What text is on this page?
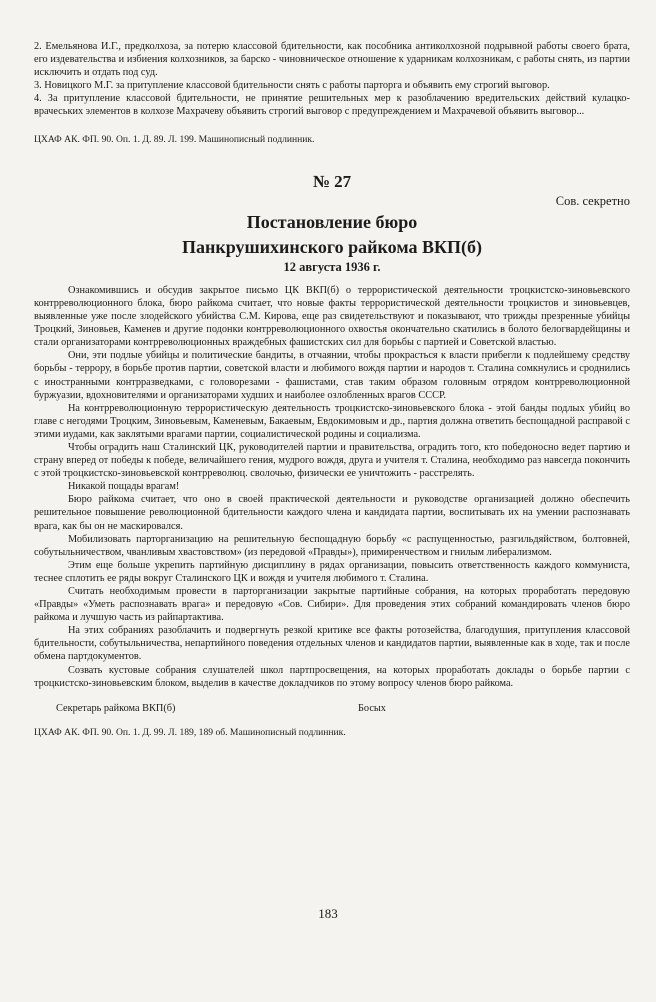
2. Емельянова И.Г., предколхоза, за потерю классовой бдительности, как пособника антиколхозной подрывной работы своего брата, его издевательства и избиения колхозников, за барско - чиновническое отношение к ударникам колхозникам, с работы снять, из партии исключить и отдать под суд.

3. Новицкого М.Г. за притупление классовой бдительности снять с работы парторга и объявить ему строгий выговор.

4. За притупление классовой бдительности, не принятие решительных мер к разоблачению вредительских действий кулацко-врачеських элементов в колхозе Махрачеву объявить строгий выговор с предупреждением и Махрачевой объявить выговор...

ЦХАФ АК. ФП. 90. Оп. 1. Д. 89. Л. 199. Машинописный подлинник.

№ 27

Сов. секретно

Постановление бюро

Панкрушихинского райкома ВКП(б)

12 августа 1936 г.

Ознакомившись и обсудив закрытое письмо ЦК ВКП(б) о террористической деятельности троцкистско-зиновьевского контрреволюционного блока, бюро райкома считает, что новые факты террористической деятельности троцкистов и зиновьевцев, выявленные уже после злодейского убийства С.М. Кирова, еще раз свидетельствуют и показывают, что трижды презренные убийцы Троцкий, Зиновьев, Каменев и другие подонки контрреволюционного охвостья окончательно скатились в болото белогвардейщины и стали организаторами контрреволюционных враждебных фашистских сил для борьбы с партией и Советской властью.

Они, эти подлые убийцы и политические бандиты, в отчаянии, чтобы прокрасться к власти прибегли к подлейшему средству борьбы - террору, в борьбе против партии, советской власти и любимого вождя партии и народов т. Сталина сомкнулись и сроднились с иностранными контрразведками, с головорезами - фашистами, став таким образом головным отрядом контрреволюционной буржуазии, вдохновителями и организаторами худших и наиболее озлобленных врагов СССР.

На контрреволюционную террористическую деятельность троцкистско-зиновьевского блока - этой банды подлых убийц во главе с негодями Троцким, Зиновьевым, Каменевым, Бакаевым, Евдокимовым и др., партия должна ответить беспощадной расправой с этими иудами, как заклятыми врагами партии, социалистической родины и социализма.

Чтобы оградить наш Сталинский ЦК, руководителей партии и правительства, оградить того, кто победоносно ведет партию и страну вперед от победы к победе, величайшего гения, мудрого вождя, друга и учителя т. Сталина, необходимо раз навсегда покончить с этой троцкистско-зиновьевской контрреволюц. сволочью, физически ее уничтожить - расстрелять.

Никакой пощады врагам!

Бюро райкома считает, что оно в своей практической деятельности и руководстве организацией должно обеспечить решительное повышение революционной бдительности каждого члена и кандидата партии, воспитывать их на умении распознавать врага, как бы он не маскировался.

Мобилизовать парторганизацию на решительную беспощадную борьбу «с распущенностью, разгильдяйством, болтовней, собутыльничеством, чванливым хвастовством» (из передовой «Правды»), примиренчеством и гнилым либерализмом.

Этим еще больше укрепить партийную дисциплину в рядах организации, повысить ответственность каждого коммуниста, теснее сплотить ее ряды вокруг Сталинского ЦК и вождя и учителя любимого т. Сталина.

Считать необходимым провести в парторганизации закрытые партийные собрания, на которых проработать передовую «Правды» «Уметь распознавать врага» и передовую «Сов. Сибири». Для проведения этих собраний командировать членов бюро райкома и лучшую часть из райпартактива.

На этих собраниях разоблачить и подвергнуть резкой критике все факты ротозейства, благодушия, притупления классовой бдительности, собутыльничества, непартийного поведения отдельных членов и кандидатов партии, выявленные как в ходе, так и после обмена партдокументов.

Созвать кустовые собрания слушателей школ партпросвещения, на которых проработать доклады о борьбе партии с троцкистско-зиновьевским блоком, выделив в качестве докладчиков по этому вопросу членов бюро райкома.

Секретарь райкома ВКП(б)	Босых

ЦХАФ АК. ФП. 90. Оп. 1. Д. 99. Л. 189, 189 об. Машинописный подлинник.

183
